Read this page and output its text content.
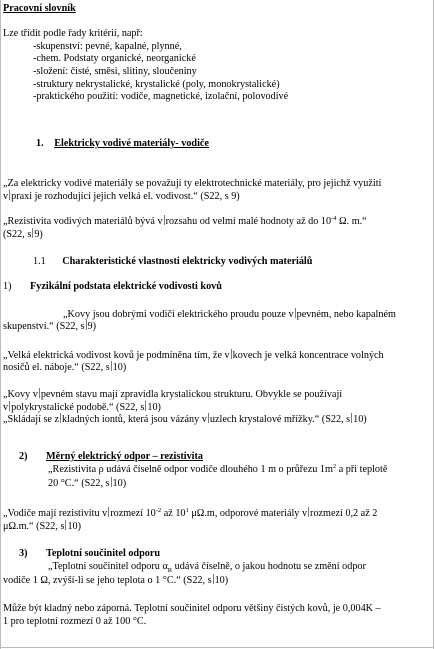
Pracovní slovník
Lze třídit podle řady kritérií, např:
-skupenství: pevné, kapalné, plynné,
-chem. Podstaty organické, neorganické
-složení: čisté, směsi, slitiny, sloučeniny
-struktury nekrystalické, krystalické (poly, monokrystalické)
-praktického použití: vodiče, magnetické, izolační, polovodivé
1. Elektricky vodivé materiály- vodiče
„Za elektricky vodivé materiály se považují ty elektrotechnické materiály, pro jejichž využití
v praxi je rozhodující jejich velká el. vodivost.“ (S22, s 9)
„Rezistivita vodivých materiálů bývá v rozsahu od velmi malé hodnoty až do $10^{-4}$ Ω. m.“
(S22, s 9)
1.1 Charakteristické vlastnosti elektricky vodivých materiálů
1) Fyzikální podstata elektrické vodivosti kovů
„Kovy jsou dobrými vodiči elektrického proudu pouze v pevném, nebo kapalném
skupenství.“ (S22, s 9)
„Velká elektrická vodivost kovů je podmíněna tím, že v kovech je velká koncentrace volných
nosičů el. náboje.“ (S22, s 10)
„Kovy v pevném stavu mají zpravidla krystalickou strukturu. Obvykle se používají
v polykrystalické podobě.“ (S22, s 10)
„Skládají se z kladných iontů, která jsou vázány v uzlech krystalové mřížky.“ (S22, s 10)
2) Měrný elektrický odpor – rezistivita
„Rezistivita ρ udává číselně odpor vodiče dlouhého 1 m o průřezu $1m^2$ a při teplotě
20 °C.“ (S22, s 10)
„Vodiče mají rezistivitu v rozmezí $10^{-2}$ až $10^1$ μΩ.m, odporové materiály v rozmezí 0,2 až 2
μΩ.m.“ (S22, s 10)
3) Teplotní součinitel odporu
„Teplotní součinitel odporu $\alpha_R$ udává číselně, o jakou hodnotu se změní odpor
vodiče 1 Ω, zvýší-li se jeho teplota o 1 °C.“ (S22, s 10)
Může být kladný nebo záporná. Teplotní součinitel odporu většiny čistých kovů, je 0,004K –
1 pro teplotní rozmezí 0 až 100 °C.
